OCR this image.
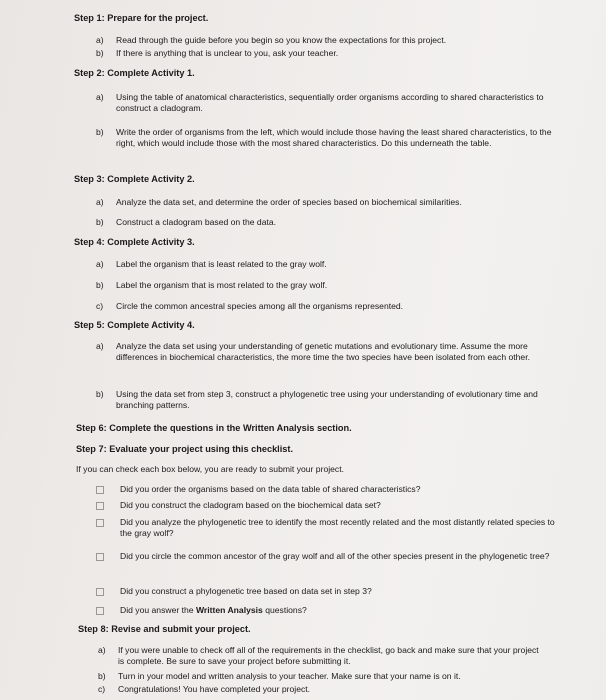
Step 1: Prepare for the project.
a)	Read through the guide before you begin so you know the expectations for this project.
b)	If there is anything that is unclear to you, ask your teacher.
Step 2: Complete Activity 1.
a)	Using the table of anatomical characteristics, sequentially order organisms according to shared characteristics to construct a cladogram.
b)	Write the order of organisms from the left, which would include those having the least shared characteristics, to the right, which would include those with the most shared characteristics. Do this underneath the table.
Step 3: Complete Activity 2.
a)	Analyze the data set, and determine the order of species based on biochemical similarities.
b)	Construct a cladogram based on the data.
Step 4: Complete Activity 3.
a)	Label the organism that is least related to the gray wolf.
b)	Label the organism that is most related to the gray wolf.
c)	Circle the common ancestral species among all the organisms represented.
Step 5: Complete Activity 4.
a)	Analyze the data set using your understanding of genetic mutations and evolutionary time. Assume the more differences in biochemical characteristics, the more time the two species have been isolated from each other.
b)	Using the data set from step 3, construct a phylogenetic tree using your understanding of evolutionary time and branching patterns.
Step 6: Complete the questions in the Written Analysis section.
Step 7: Evaluate your project using this checklist.
If you can check each box below, you are ready to submit your project.
Did you order the organisms based on the data table of shared characteristics?
Did you construct the cladogram based on the biochemical data set?
Did you analyze the phylogenetic tree to identify the most recently related and the most distantly related species to the gray wolf?
Did you circle the common ancestor of the gray wolf and all of the other species present in the phylogenetic tree?
Did you construct a phylogenetic tree based on data set in step 3?
Did you answer the Written Analysis questions?
Step 8: Revise and submit your project.
a)	If you were unable to check off all of the requirements in the checklist, go back and make sure that your project is complete. Be sure to save your project before submitting it.
b)	Turn in your model and written analysis to your teacher. Make sure that your name is on it.
c)	Congratulations! You have completed your project.
